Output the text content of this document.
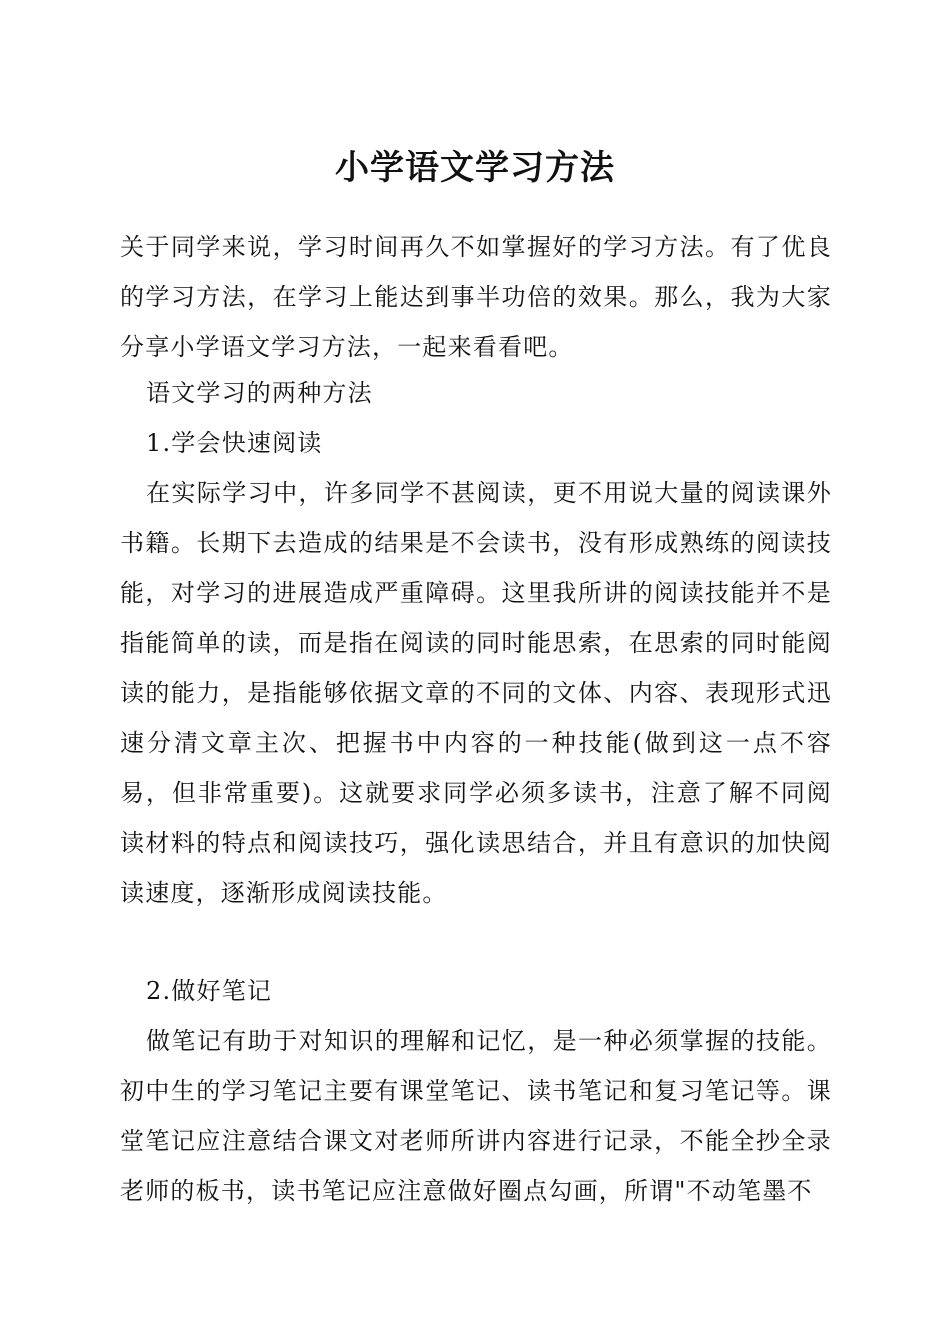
小学语文学习方法

关于同学来说，学习时间再久不如掌握好的学习方法。有了优良的学习方法，在学习上能达到事半功倍的效果。那么，我为大家分享小学语文学习方法，一起来看看吧。

语文学习的两种方法

1.学会快速阅读

在实际学习中，许多同学不甚阅读，更不用说大量的阅读课外书籍。长期下去造成的结果是不会读书，没有形成熟练的阅读技能，对学习的进展造成严重障碍。这里我所讲的阅读技能并不是指能简单的读，而是指在阅读的同时能思索，在思索的同时能阅读的能力，是指能够依据文章的不同的文体、内容、表现形式迅速分清文章主次、把握书中内容的一种技能(做到这一点不容易，但非常重要)。这就要求同学必须多读书，注意了解不同阅读材料的特点和阅读技巧，强化读思结合，并且有意识的加快阅读速度，逐渐形成阅读技能。

2.做好笔记

做笔记有助于对知识的理解和记忆，是一种必须掌握的技能。初中生的学习笔记主要有课堂笔记、读书笔记和复习笔记等。课堂笔记应注意结合课文对老师所讲内容进行记录，不能全抄全录老师的板书，读书笔记应注意做好圈点勾画，所谓"不动笔墨不
